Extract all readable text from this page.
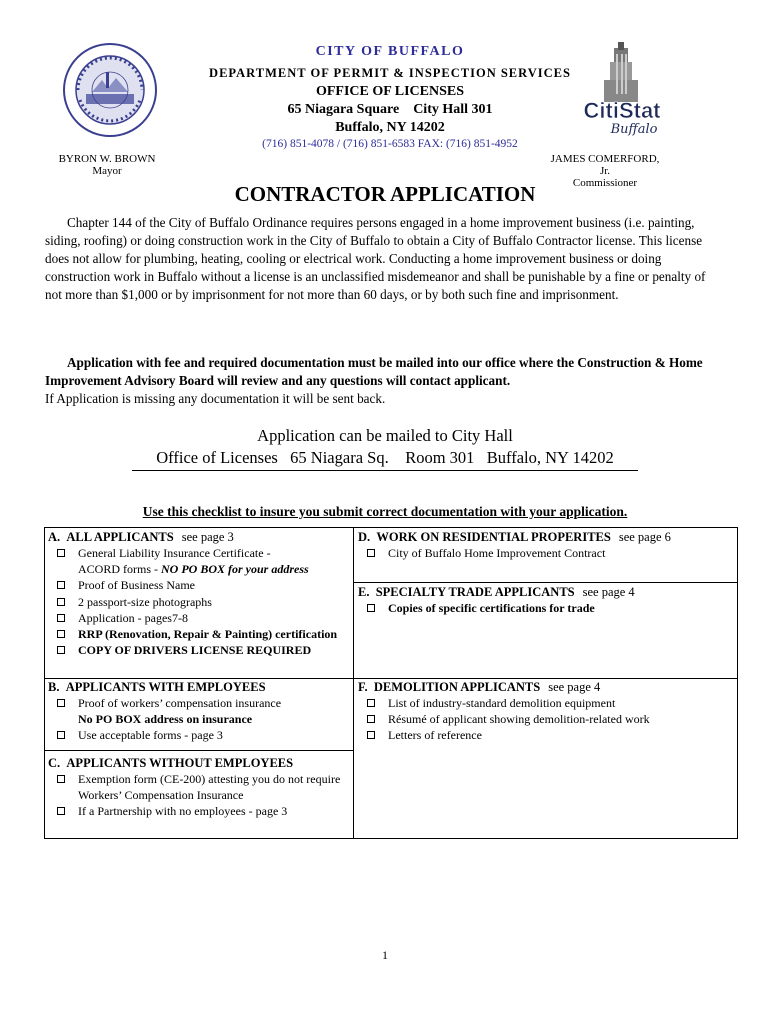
CitiStat
Buffalo
CITY OF BUFFALO
DEPARTMENT OF PERMIT & INSPECTION SERVICES
OFFICE OF LICENSES
65 Niagara Square    City Hall 301
Buffalo, NY 14202
(716) 851-4078 / (716) 851-6583 FAX: (716) 851-4952
BYRON W. BROWN
Mayor
JAMES COMERFORD, Jr.
Commissioner
CONTRACTOR APPLICATION

Chapter 144 of the City of Buffalo Ordinance requires persons engaged in a home improvement business (i.e. painting, siding, roofing) or doing construction work in the City of Buffalo to obtain a City of Buffalo Contractor license. This license does not allow for plumbing, heating, cooling or electrical work. Conducting a home improvement business or doing construction work in Buffalo without a license is an unclassified misdemeanor and shall be punishable by a fine or penalty of not more than $1,000 or by imprisonment for not more than 60 days, or by both such fine and imprisonment.

Application with fee and required documentation must be mailed into our office where the Construction & Home Improvement Advisory Board will review and any questions will contact applicant.
If Application is missing any documentation it will be sent back.

Application can be mailed to City Hall
Office of Licenses   65 Niagara Sq.    Room 301   Buffalo, NY 14202
Use this checklist to insure you submit correct documentation with your application.
A.  ALL APPLICANTS see page 3
General Liability Insurance Certificate -
ACORD forms - NO PO BOX for your address
Proof of Business Name
2 passport-size photographs
Application - pages7-8
RRP (Renovation, Repair & Painting) certification
COPY OF DRIVERS LICENSE REQUIRED
B.  APPLICANTS WITH EMPLOYEES
Proof of workers’ compensation insurance
No PO BOX address on insurance
Use acceptable forms - page 3
C.  APPLICANTS WITHOUT EMPLOYEES
Exemption form (CE-200) attesting you do not require Workers’ Compensation Insurance
If a Partnership with no employees - page 3
D.  WORK ON RESIDENTIAL PROPERITES see page 6
City of Buffalo Home Improvement Contract
E.  SPECIALTY TRADE APPLICANTS see page 4
Copies of specific certifications for trade
F.  DEMOLITION APPLICANTS see page 4
List of industry-standard demolition equipment
Résumé of applicant showing demolition-related work
Letters of reference
1
